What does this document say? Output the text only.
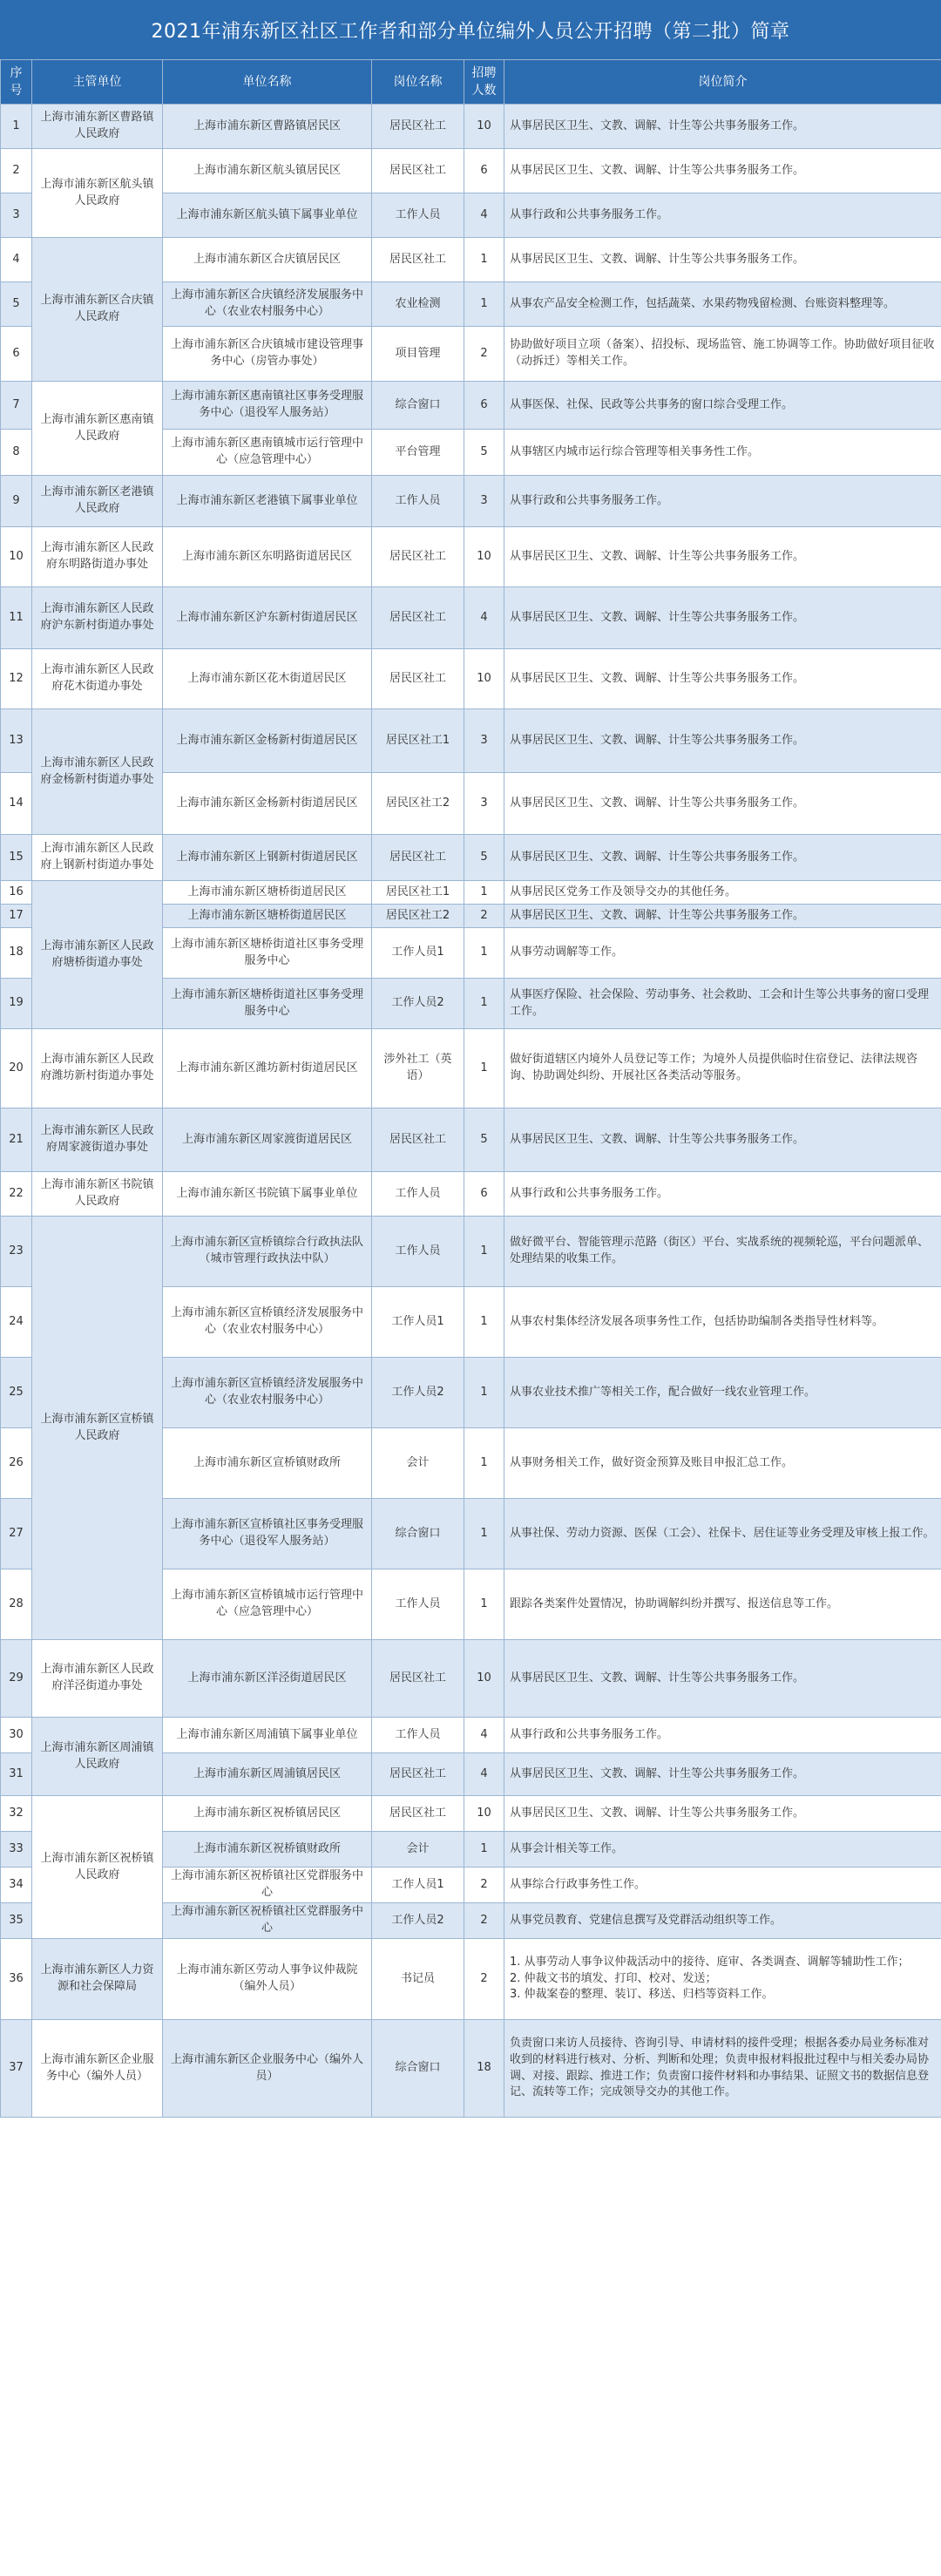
2021年浦东新区社区工作者和部分单位编外人员公开招聘（第二批）简章
序号	主管单位	单位名称	岗位名称	招聘人数	岗位简介
1	上海市浦东新区曹路镇人民政府	上海市浦东新区曹路镇居民区	居民区社工	10	从事居民区卫生、文教、调解、计生等公共事务服务工作。
2	上海市浦东新区航头镇人民政府	上海市浦东新区航头镇居民区	居民区社工	6	从事居民区卫生、文教、调解、计生等公共事务服务工作。
3		上海市浦东新区航头镇下属事业单位	工作人员	4	从事行政和公共事务服务工作。
4	上海市浦东新区合庆镇人民政府	上海市浦东新区合庆镇居民区	居民区社工	1	从事居民区卫生、文教、调解、计生等公共事务服务工作。
5		上海市浦东新区合庆镇经济发展服务中心（农业农村服务中心）	农业检测	1	从事农产品安全检测工作，包括蔬菜、水果药物残留检测、台账资料整理等。
6		上海市浦东新区合庆镇城市建设管理事务中心（房管办事处）	项目管理	2	协助做好项目立项（备案）、招投标、现场监管、施工协调等工作。协助做好项目征收（动拆迁）等相关工作。
7	上海市浦东新区惠南镇人民政府	上海市浦东新区惠南镇社区事务受理服务中心（退役军人服务站）	综合窗口	6	从事医保、社保、民政等公共事务的窗口综合受理工作。
8		上海市浦东新区惠南镇城市运行管理中心（应急管理中心）	平台管理	5	从事辖区内城市运行综合管理等相关事务性工作。
9	上海市浦东新区老港镇人民政府	上海市浦东新区老港镇下属事业单位	工作人员	3	从事行政和公共事务服务工作。
10	上海市浦东新区人民政府东明路街道办事处	上海市浦东新区东明路街道居民区	居民区社工	10	从事居民区卫生、文教、调解、计生等公共事务服务工作。
11	上海市浦东新区人民政府沪东新村街道办事处	上海市浦东新区沪东新村街道居民区	居民区社工	4	从事居民区卫生、文教、调解、计生等公共事务服务工作。
12	上海市浦东新区人民政府花木街道办事处	上海市浦东新区花木街道居民区	居民区社工	10	从事居民区卫生、文教、调解、计生等公共事务服务工作。
13	上海市浦东新区人民政府金杨新村街道办事处	上海市浦东新区金杨新村街道居民区	居民区社工1	3	从事居民区卫生、文教、调解、计生等公共事务服务工作。
14		上海市浦东新区金杨新村街道居民区	居民区社工2	3	从事居民区卫生、文教、调解、计生等公共事务服务工作。
15	上海市浦东新区人民政府上钢新村街道办事处	上海市浦东新区上钢新村街道居民区	居民区社工	5	从事居民区卫生、文教、调解、计生等公共事务服务工作。
16	上海市浦东新区人民政府塘桥街道办事处	上海市浦东新区塘桥街道居民区	居民区社工1	1	从事居民区党务工作及领导交办的其他任务。
17		上海市浦东新区塘桥街道居民区	居民区社工2	2	从事居民区卫生、文教、调解、计生等公共事务服务工作。
18		上海市浦东新区塘桥街道社区事务受理服务中心	工作人员1	1	从事劳动调解等工作。
19		上海市浦东新区塘桥街道社区事务受理服务中心	工作人员2	1	从事医疗保险、社会保险、劳动事务、社会救助、工会和计生等公共事务的窗口受理工作。
20	上海市浦东新区人民政府潍坊新村街道办事处	上海市浦东新区潍坊新村街道居民区	涉外社工（英语）	1	做好街道辖区内境外人员登记等工作；为境外人员提供临时住宿登记、法律法规咨询、协助调处纠纷、开展社区各类活动等服务。
21	上海市浦东新区人民政府周家渡街道办事处	上海市浦东新区周家渡街道居民区	居民区社工	5	从事居民区卫生、文教、调解、计生等公共事务服务工作。
22	上海市浦东新区书院镇人民政府	上海市浦东新区书院镇下属事业单位	工作人员	6	从事行政和公共事务服务工作。
23	上海市浦东新区宣桥镇人民政府	上海市浦东新区宣桥镇综合行政执法队（城市管理行政执法中队）	工作人员	1	做好微平台、智能管理示范路（街区）平台、实战系统的视频轮巡，平台问题派单、处理结果的收集工作。
24		上海市浦东新区宣桥镇经济发展服务中心（农业农村服务中心）	工作人员1	1	从事农村集体经济发展各项事务性工作，包括协助编制各类指导性材料等。
25		上海市浦东新区宣桥镇经济发展服务中心（农业农村服务中心）	工作人员2	1	从事农业技术推广等相关工作，配合做好一线农业管理工作。
26		上海市浦东新区宣桥镇财政所	会计	1	从事财务相关工作，做好资金预算及账目申报汇总工作。
27		上海市浦东新区宣桥镇社区事务受理服务中心（退役军人服务站）	综合窗口	1	从事社保、劳动力资源、医保（工会）、社保卡、居住证等业务受理及审核上报工作。
28		上海市浦东新区宣桥镇城市运行管理中心（应急管理中心）	工作人员	1	跟踪各类案件处置情况，协助调解纠纷并撰写、报送信息等工作。
29	上海市浦东新区人民政府洋泾街道办事处	上海市浦东新区洋泾街道居民区	居民区社工	10	从事居民区卫生、文教、调解、计生等公共事务服务工作。
30	上海市浦东新区周浦镇人民政府	上海市浦东新区周浦镇下属事业单位	工作人员	4	从事行政和公共事务服务工作。
31		上海市浦东新区周浦镇居民区	居民区社工	4	从事居民区卫生、文教、调解、计生等公共事务服务工作。
32	上海市浦东新区祝桥镇人民政府	上海市浦东新区祝桥镇居民区	居民区社工	10	从事居民区卫生、文教、调解、计生等公共事务服务工作。
33		上海市浦东新区祝桥镇财政所	会计	1	从事会计相关等工作。
34		上海市浦东新区祝桥镇社区党群服务中心	工作人员1	2	从事综合行政事务性工作。
35		上海市浦东新区祝桥镇社区党群服务中心	工作人员2	2	从事党员教育、党建信息撰写及党群活动组织等工作。
36	上海市浦东新区人力资源和社会保障局	上海市浦东新区劳动人事争议仲裁院（编外人员）	书记员	2	1. 从事劳动人事争议仲裁活动中的接待、庭审、各类调查、调解等辅助性工作；
2. 仲裁文书的填发、打印、校对、发送；
3. 仲裁案卷的整理、装订、移送、归档等资料工作。
37	上海市浦东新区企业服务中心（编外人员）	上海市浦东新区企业服务中心（编外人员）	综合窗口	18	负责窗口来访人员接待、咨询引导、申请材料的接件受理；根据各委办局业务标准对收到的材料进行核对、分析、判断和处理；负责申报材料报批过程中与相关委办局协调、对接、跟踪、推进工作；负责窗口接件材料和办事结果、证照文书的数据信息登记、流转等工作；完成领导交办的其他工作。
